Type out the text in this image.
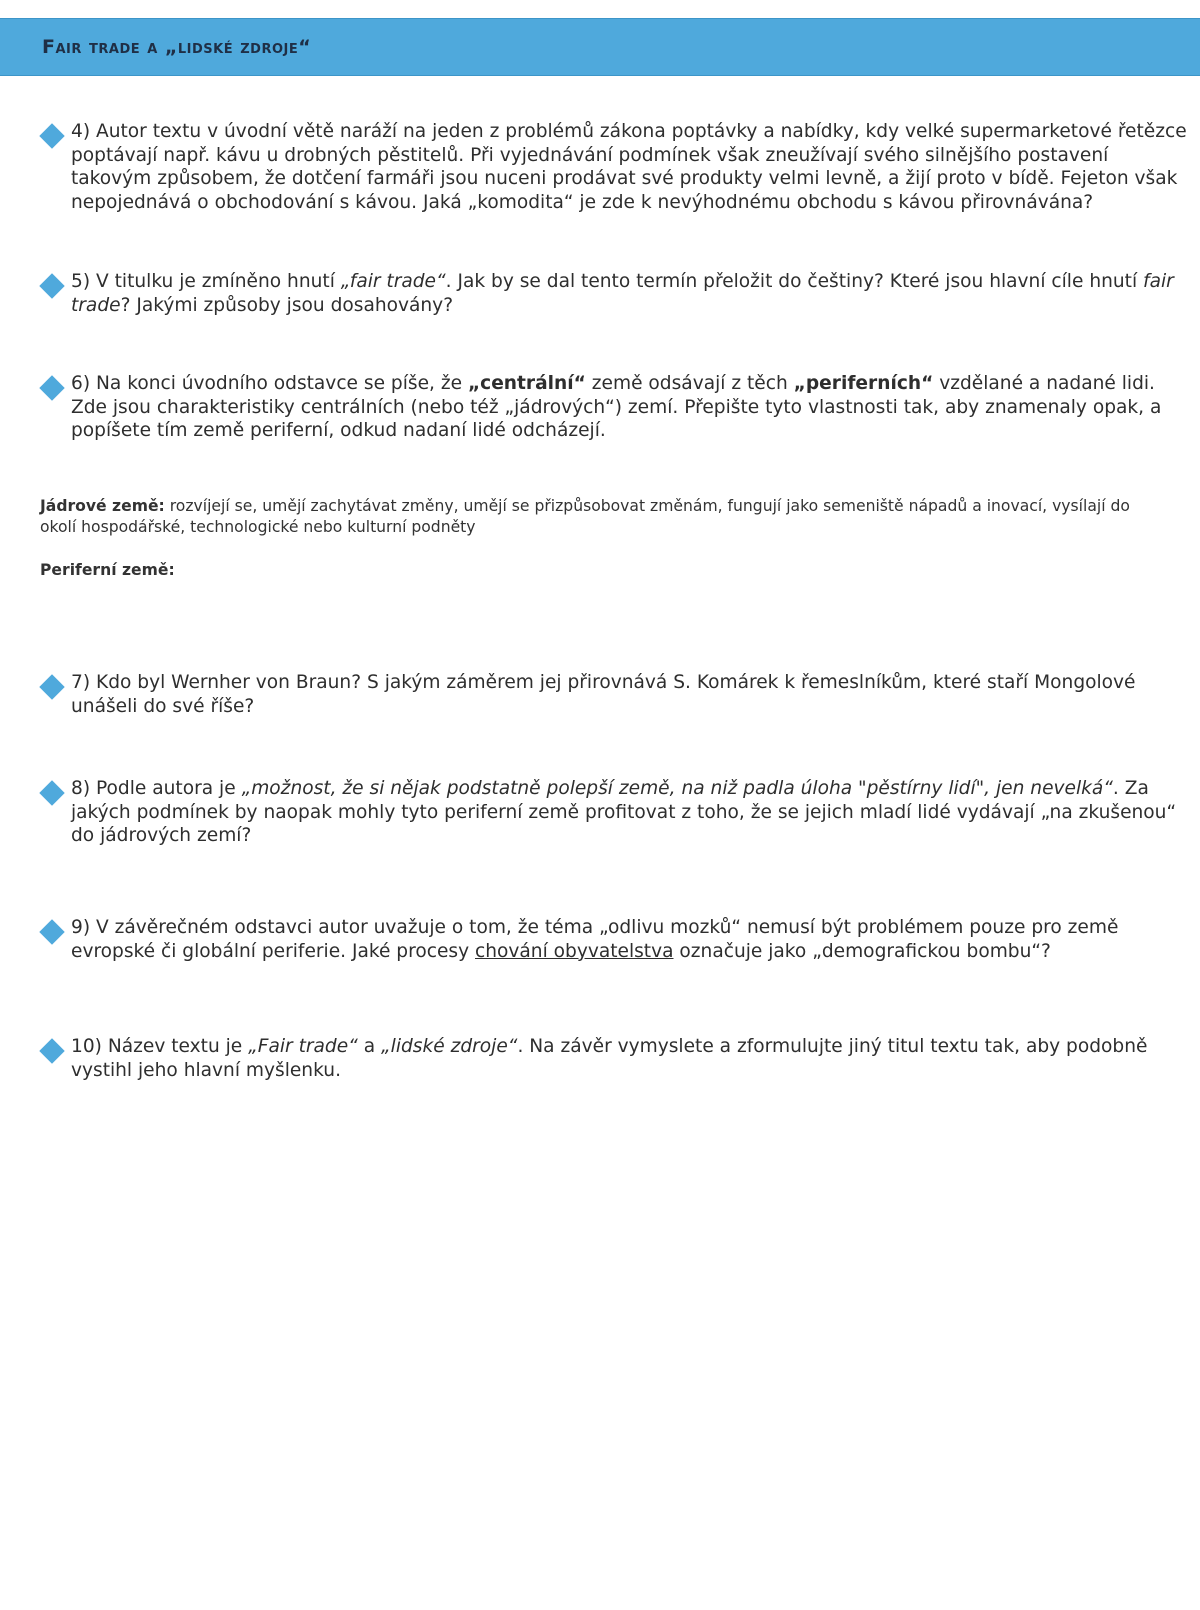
Fair trade a „lidské zdroje“
4) Autor textu v úvodní větě naráží na jeden z problémů zákona poptávky a nabídky, kdy velké supermarketové řetězce poptávají např. kávu u drobných pěstitelů. Při vyjednávání podmínek však zneužívají svého silnějšího postavení takovým způsobem, že dotčení farmáři jsou nuceni prodávat své produkty velmi levně, a žijí proto v bídě. Fejeton však nepojednává o obchodování s kávou. Jaká „komodita“ je zde k nevýhodnému obchodu s kávou přirovnávána?
5) V titulku je zmíněno hnutí „fair trade“. Jak by se dal tento termín přeložit do češtiny? Které jsou hlavní cíle hnutí fair trade? Jakými způsoby jsou dosahovány?
6) Na konci úvodního odstavce se píše, že „centrální“ země odsávají z těch „periferních“ vzdělané a nadané lidi. Zde jsou charakteristiky centrálních (nebo též „jádrových“) zemí. Přepište tyto vlastnosti tak, aby znamenaly opak, a popíšete tím země periferní, odkud nadaní lidé odcházejí.
Jádrové země: rozvíjejí se, umějí zachytávat změny, umějí se přizpůsobovat změnám, fungují jako semeniště nápadů a inovací, vysílají do okolí hospodářské, technologické nebo kulturní podněty
Periferní země:
7) Kdo byl Wernher von Braun? S jakým záměrem jej přirovnává S. Komárek k řemeslníkům, které staří Mongolové unášeli do své říše?
8) Podle autora je „možnost, že si nějak podstatně polepší země, na niž padla úloha "pěstírny lidí", jen nevelká“. Za jakých podmínek by naopak mohly tyto periferní země profitovat z toho, že se jejich mladí lidé vydávají „na zkušenou“ do jádrových zemí?
9) V závěrečném odstavci autor uvažuje o tom, že téma „odlivu mozků“ nemusí být problémem pouze pro země evropské či globální periferie. Jaké procesy chování obyvatelstva označuje jako „demografickou bombu“?
10) Název textu je „Fair trade“ a „lidské zdroje“. Na závěr vymyslete a zformulujte jiný titul textu tak, aby podobně vystihl jeho hlavní myšlenku.
